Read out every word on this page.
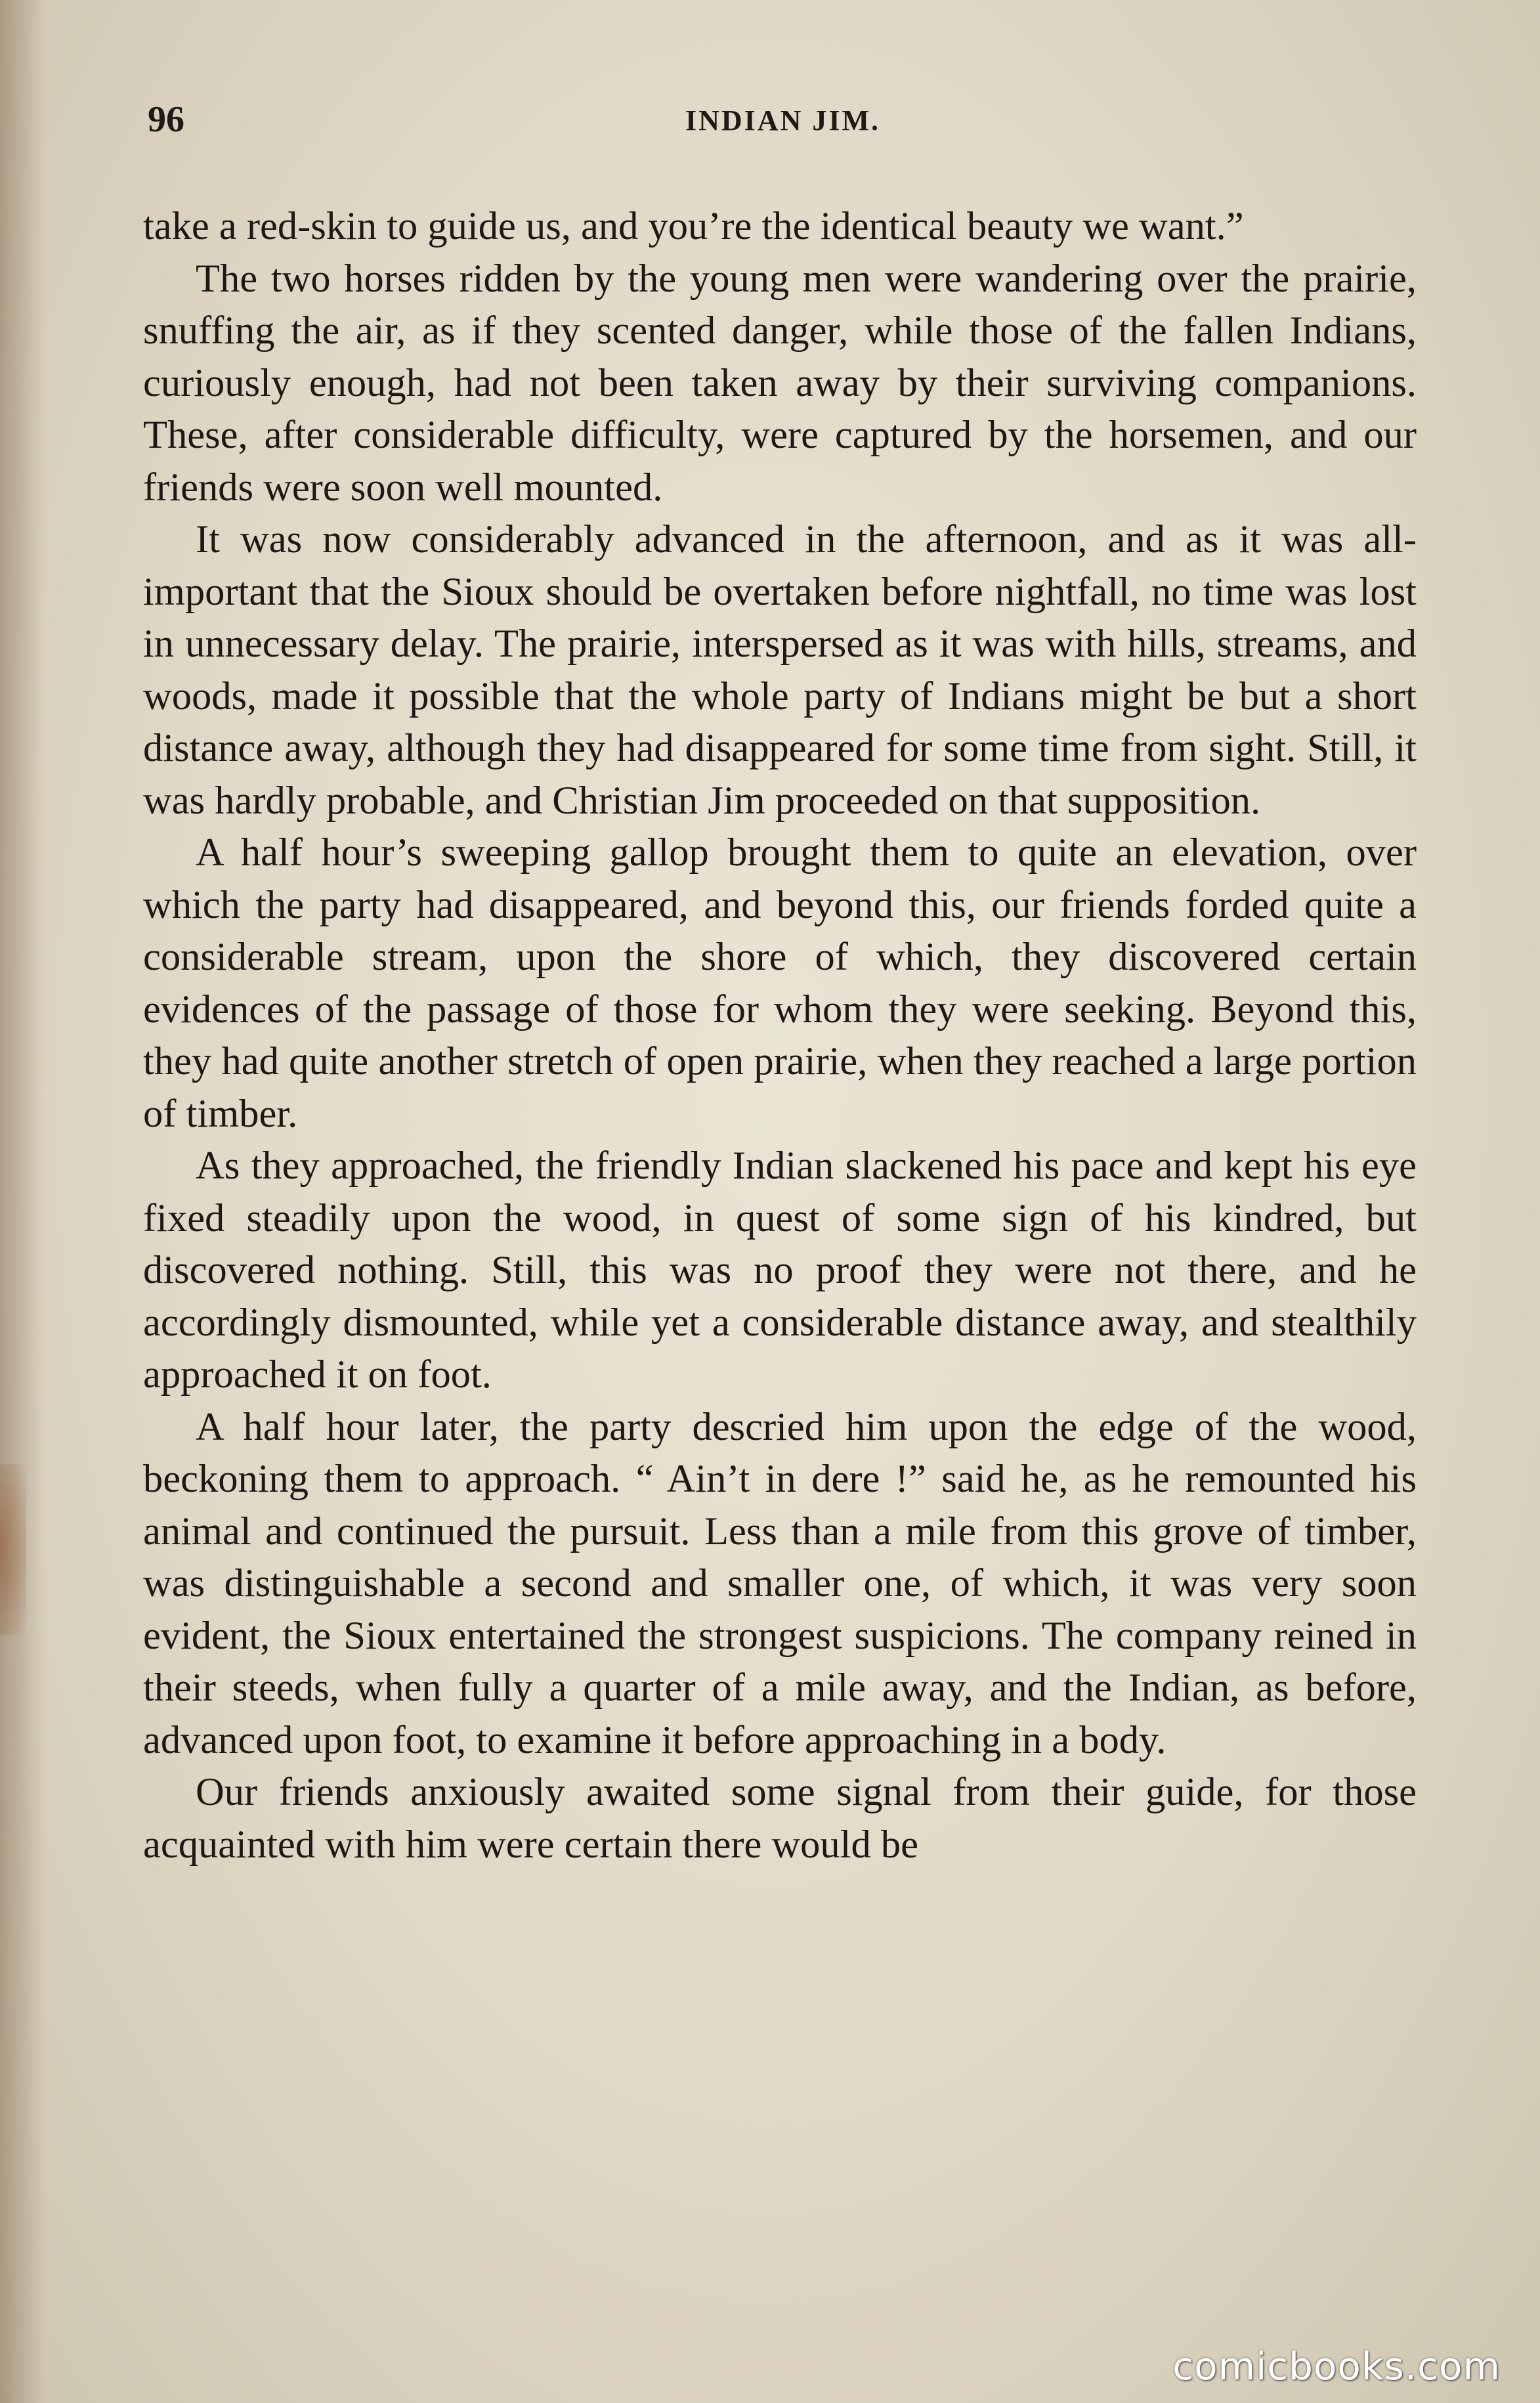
96	INDIAN JIM.

take a red-skin to guide us, and you’re the identical beauty we want.”

The two horses ridden by the young men were wandering over the prairie, snuffing the air, as if they scented danger, while those of the fallen Indians, curiously enough, had not been taken away by their surviving companions. These, after considerable difficulty, were captured by the horsemen, and our friends were soon well mounted.

It was now considerably advanced in the afternoon, and as it was all-important that the Sioux should be overtaken before nightfall, no time was lost in unnecessary delay. The prairie, interspersed as it was with hills, streams, and woods, made it possible that the whole party of Indians might be but a short distance away, although they had disappeared for some time from sight. Still, it was hardly probable, and Christian Jim proceeded on that supposition.

A half hour’s sweeping gallop brought them to quite an elevation, over which the party had disappeared, and beyond this, our friends forded quite a considerable stream, upon the shore of which, they discovered certain evidences of the passage of those for whom they were seeking. Beyond this, they had quite another stretch of open prairie, when they reached a large portion of timber.

As they approached, the friendly Indian slackened his pace and kept his eye fixed steadily upon the wood, in quest of some sign of his kindred, but discovered nothing. Still, this was no proof they were not there, and he accordingly dismounted, while yet a considerable distance away, and stealthily approached it on foot.

A half hour later, the party descried him upon the edge of the wood, beckoning them to approach. “ Ain’t in dere !” said he, as he remounted his animal and continued the pursuit. Less than a mile from this grove of timber, was distinguishable a second and smaller one, of which, it was very soon evident, the Sioux entertained the strongest suspicions. The company reined in their steeds, when fully a quarter of a mile away, and the Indian, as before, advanced upon foot, to examine it before approaching in a body.

Our friends anxiously awaited some signal from their guide, for those acquainted with him were certain there would be

comicbooks.com
